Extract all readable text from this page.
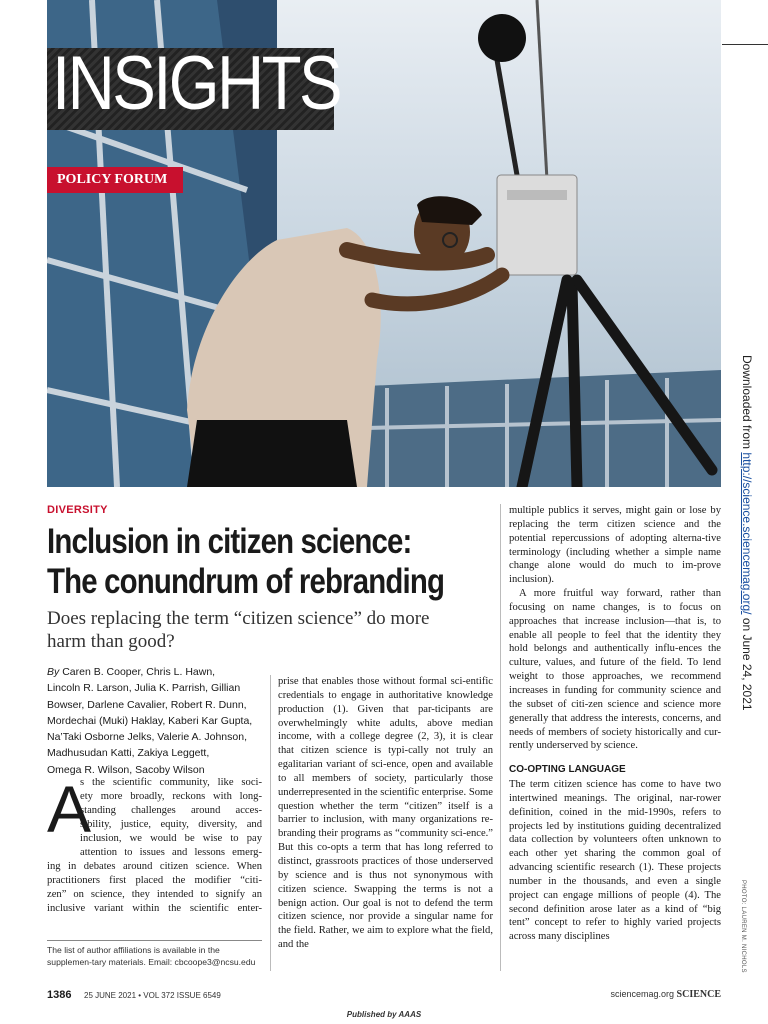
INSIGHTS
POLICY FORUM
Downloaded from http://science.sciencemag.org/ on June 24, 2021
PHOTO: LAUREN M. NICHOLS
DIVERSITY
Inclusion in citizen science:
The conundrum of rebranding
Does replacing the term “citizen science” do more harm than good?
By Caren B. Cooper, Chris L. Hawn,
Lincoln R. Larson, Julia K. Parrish, Gillian
Bowser, Darlene Cavalier, Robert R. Dunn,
Mordechai (Muki) Haklay, Kaberi Kar Gupta,
Na’Taki Osborne Jelks, Valerie A. Johnson,
Madhusudan Katti, Zakiya Leggett,
Omega R. Wilson, Sacoby Wilson
A
s the scientific community, like soci-
ety more broadly, reckons with long-
standing challenges around acces-
sibility, justice, equity, diversity, and
inclusion, we would be wise to pay
attention to issues and lessons emerg-
ing in debates around citizen science. When
practitioners first placed the modifier “citi-
zen” on science, they intended to signify an
inclusive variant within the scientific enter-
The list of author affiliations is available in the supplemen-tary materials. Email: cbcoope3@ncsu.edu

prise that enables those without formal sci-entific credentials to engage in authoritative knowledge production (1). Given that par-ticipants are overwhelmingly white adults, above median income, with a college degree (2, 3), it is clear that citizen science is typi-cally not truly an egalitarian variant of sci-ence, open and available to all members of society, particularly those underrepresented in the scientific enterprise. Some question whether the term “citizen” itself is a barrier to inclusion, with many organizations re-branding their programs as “community sci-ence.” But this co-opts a term that has long referred to distinct, grassroots practices of those underserved by science and is thus not synonymous with citizen science. Swapping the terms is not a benign action. Our goal is not to defend the term citizen science, nor provide a singular name for the field. Rather, we aim to explore what the field, and the

multiple publics it serves, might gain or lose by replacing the term citizen science and the potential repercussions of adopting alterna-tive terminology (including whether a simple name change alone would do much to im-prove inclusion).

A more fruitful way forward, rather than focusing on name changes, is to focus on approaches that increase inclusion—that is, to enable all people to feel that the identity they hold belongs and authentically influ-ences the culture, values, and future of the field. To lend weight to those approaches, we recommend increases in funding for community science and the subset of citi-zen science and science more generally that address the interests, concerns, and needs of members of society historically and cur-rently underserved by science.

CO-OPTING LANGUAGE

The term citizen science has come to have two intertwined meanings. The original, nar-rower definition, coined in the mid-1990s, refers to projects led by institutions guiding decentralized data collection by volunteers often unknown to each other yet sharing the common goal of advancing scientific research (1). These projects number in the thousands, and even a single project can engage millions of people (4). The second definition arose later as a kind of “big tent” concept to refer to highly varied projects across many disciplines

1386 25 JUNE 2021 • VOL 372 ISSUE 6549	sciencemag.org SCIENCE
Published by AAAS
